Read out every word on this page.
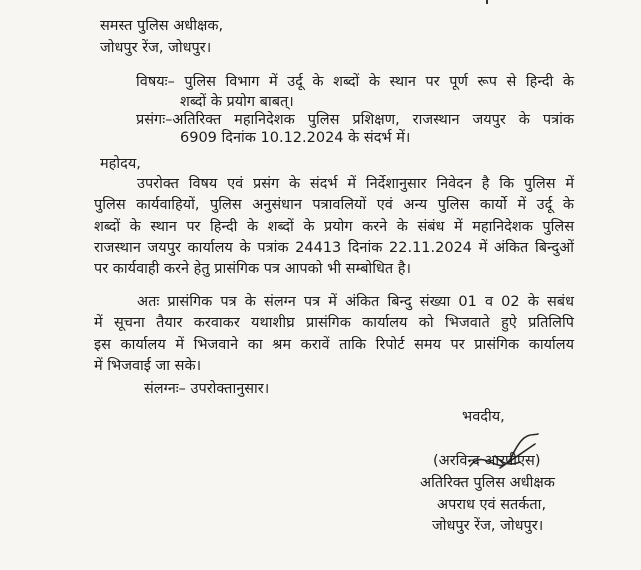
समस्त पुलिस अधीक्षक,
जोधपुर रेंज, जोधपुर।
विषयः– पुलिस विभाग में उर्दू के शब्दों के स्थान पर पूर्ण रूप से हिन्दी के
शब्दों के प्रयोग बाबत्।
प्रसंगः–अतिरिक्त महानिदेशक पुलिस प्रशिक्षण, राजस्थान जयपुर के पत्रांक
6909 दिनांक 10.12.2024 के संदर्भ में।
महोदय,
उपरोक्त विषय एवं प्रसंग के संदर्भ में निर्देशानुसार निवेदन है कि पुलिस में
पुलिस कार्यवाहियों, पुलिस अनुसंधान पत्रावलियों एवं अन्य पुलिस कार्यो में उर्दू के
शब्दों के स्थान पर हिन्दी के शब्दों के प्रयोग करने के संबंध में महानिदेशक पुलिस
राजस्थान जयपुर कार्यालय के पत्रांक 24413 दिनांक 22.11.2024 में अंकित बिन्दुओं
पर कार्यवाही करने हेतु प्रासंगिक पत्र आपको भी सम्बोधित है।
अतः प्रासंगिक पत्र के संलग्न पत्र में अंकित बिन्दु संख्या 01 व 02 के सबंध
में सूचना तैयार करवाकर यथाशीघ्र प्रासंगिक कार्यालय को भिजवाते हुऐ प्रतिलिपि
इस कार्यालय में भिजवाने का श्रम करावें ताकि रिपोर्ट समय पर प्रासंगिक कार्यालय
में भिजवाई जा सके।
संलग्नः– उपरोक्तानुसार।
भवदीय,
(अरविन्द आरपीएस)
अतिरिक्त पुलिस अधीक्षक
अपराध एवं सतर्कता,
जोधपुर रेंज, जोधपुर।
